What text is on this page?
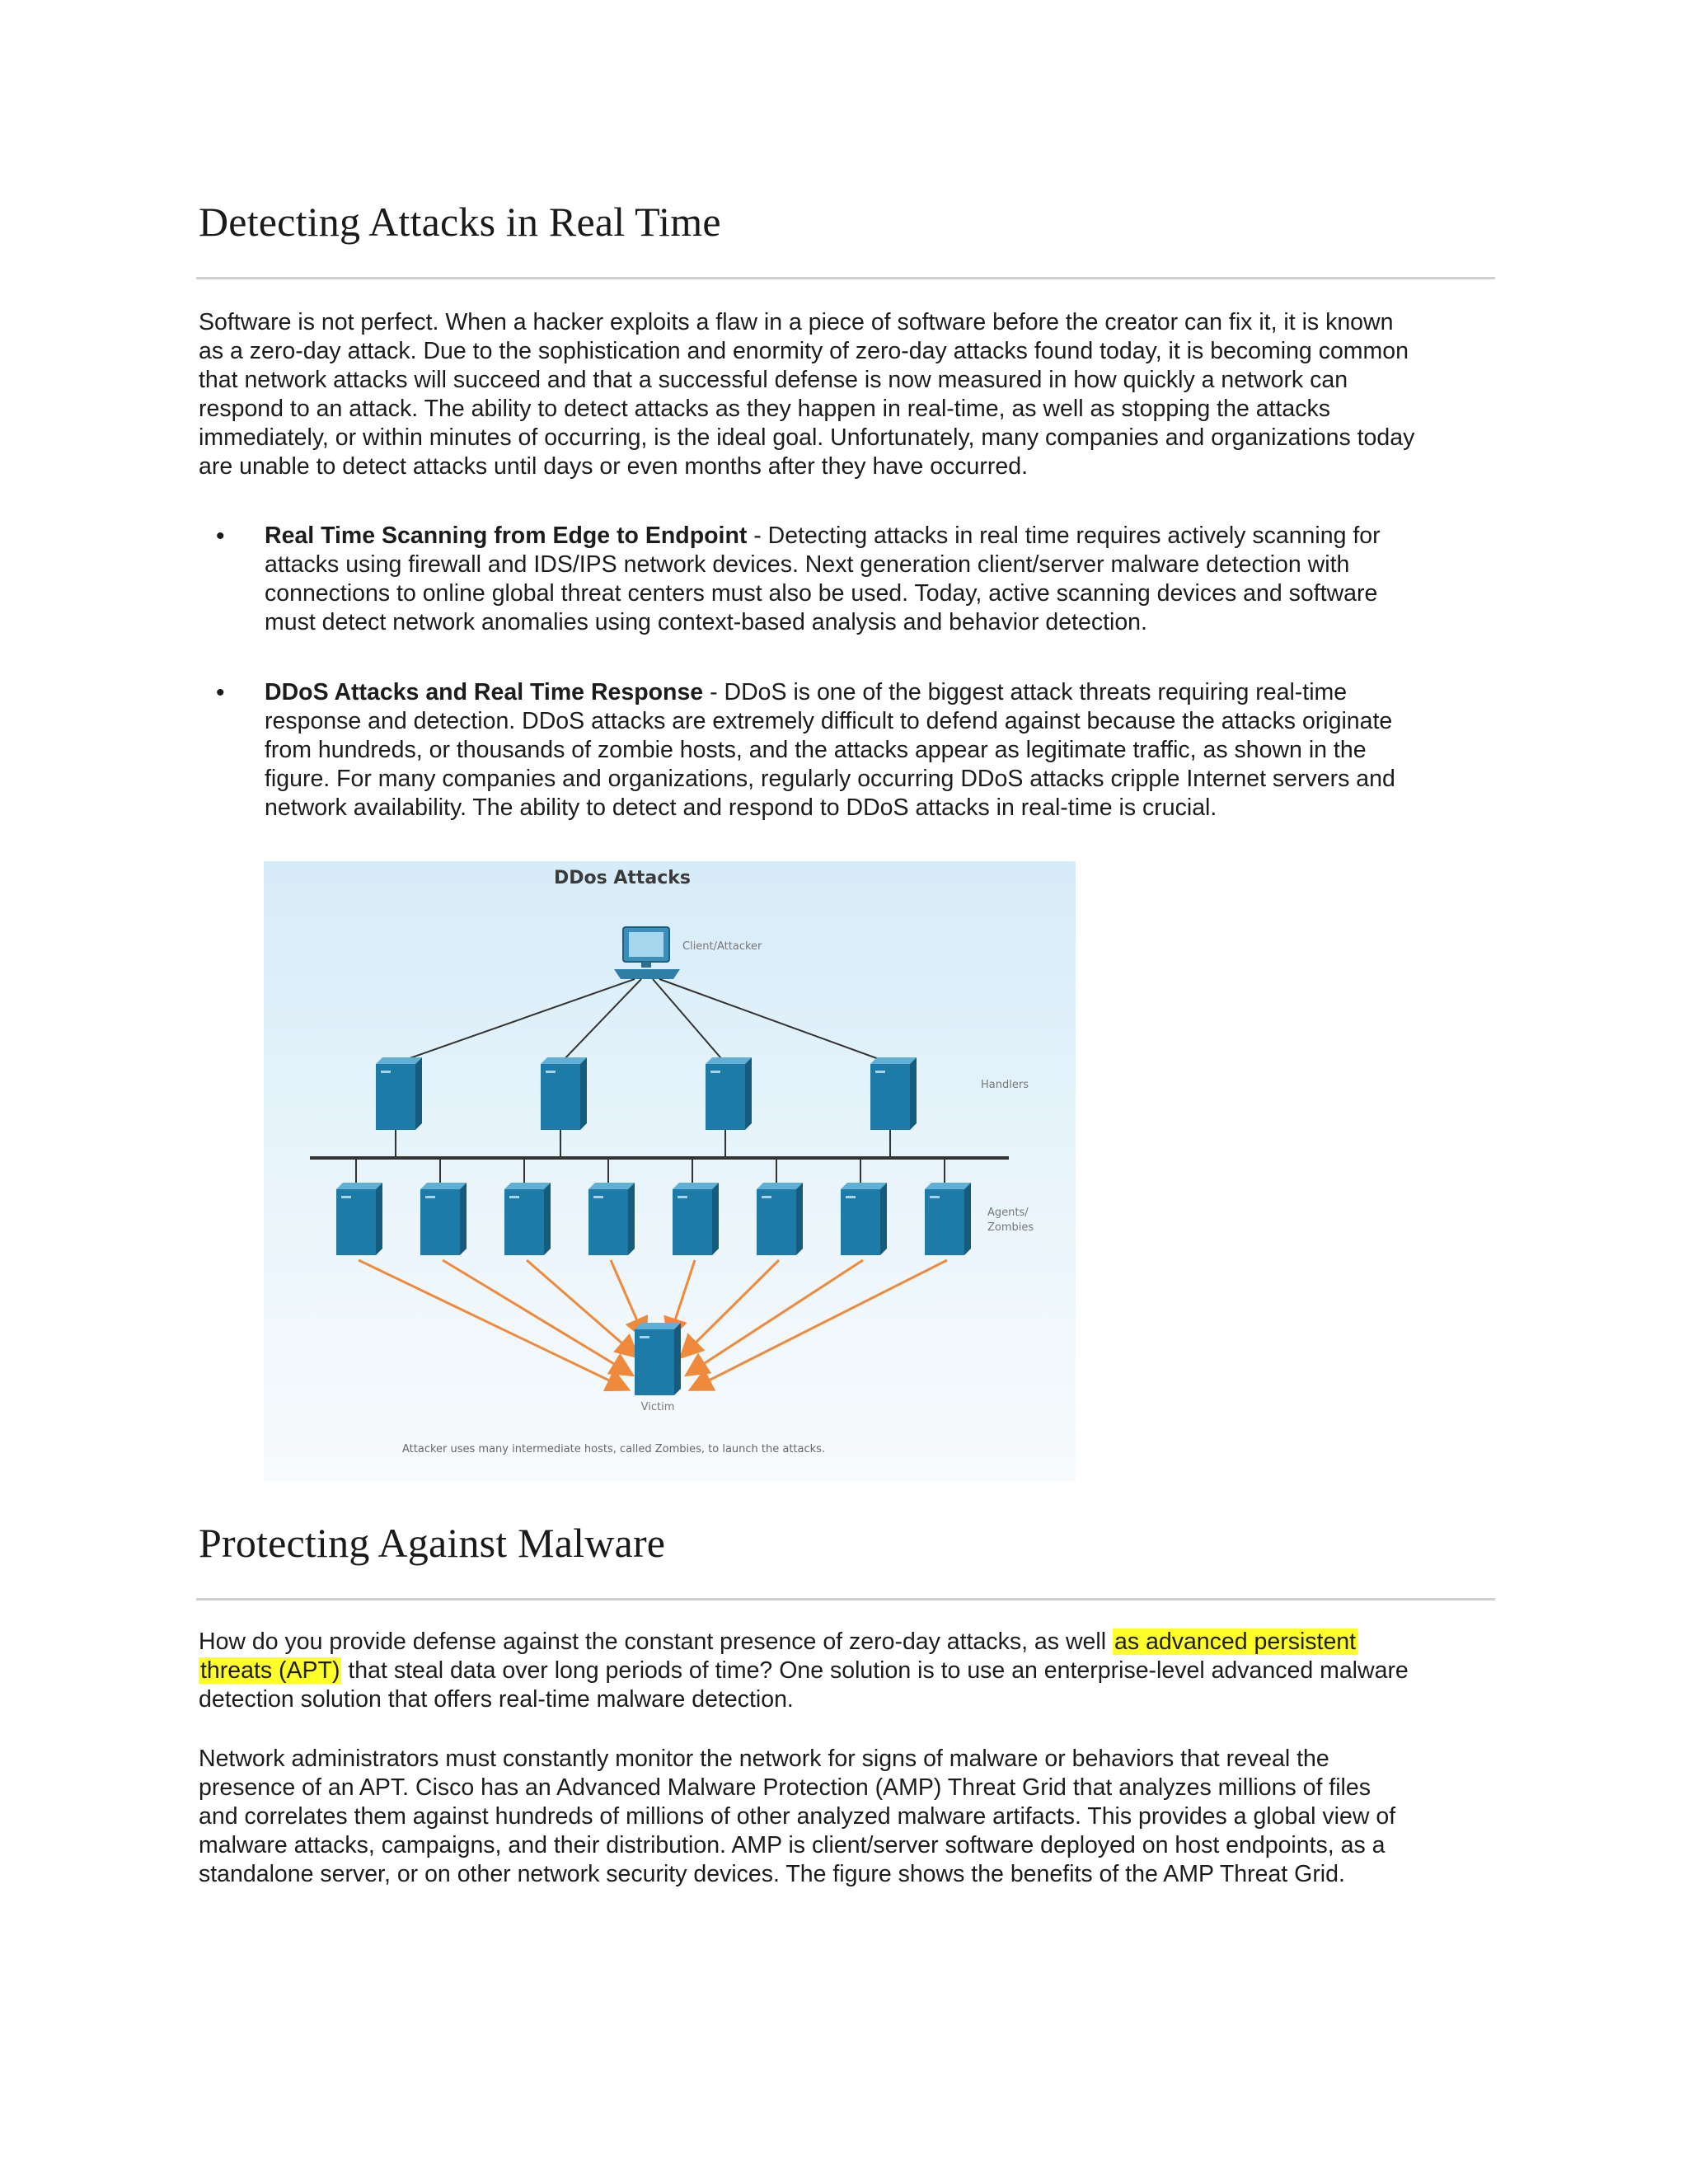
Detecting Attacks in Real Time

Software is not perfect. When a hacker exploits a flaw in a piece of software before the creator can fix it, it is known
as a zero-day attack. Due to the sophistication and enormity of zero-day attacks found today, it is becoming common
that network attacks will succeed and that a successful defense is now measured in how quickly a network can
respond to an attack. The ability to detect attacks as they happen in real-time, as well as stopping the attacks
immediately, or within minutes of occurring, is the ideal goal. Unfortunately, many companies and organizations today
are unable to detect attacks until days or even months after they have occurred.

• Real Time Scanning from Edge to Endpoint - Detecting attacks in real time requires actively scanning for
attacks using firewall and IDS/IPS network devices. Next generation client/server malware detection with
connections to online global threat centers must also be used. Today, active scanning devices and software
must detect network anomalies using context-based analysis and behavior detection.

• DDoS Attacks and Real Time Response - DDoS is one of the biggest attack threats requiring real-time
response and detection. DDoS attacks are extremely difficult to defend against because the attacks originate
from hundreds, or thousands of zombie hosts, and the attacks appear as legitimate traffic, as shown in the
figure. For many companies and organizations, regularly occurring DDoS attacks cripple Internet servers and
network availability. The ability to detect and respond to DDoS attacks in real-time is crucial.

DDos Attacks
Client/Attacker
Handlers
Agents/
Zombies
Victim
Attacker uses many intermediate hosts, called Zombies, to launch the attacks.
Protecting Against Malware

How do you provide defense against the constant presence of zero-day attacks, as well as advanced persistent
threats (APT) that steal data over long periods of time? One solution is to use an enterprise-level advanced malware
detection solution that offers real-time malware detection.

Network administrators must constantly monitor the network for signs of malware or behaviors that reveal the
presence of an APT. Cisco has an Advanced Malware Protection (AMP) Threat Grid that analyzes millions of files
and correlates them against hundreds of millions of other analyzed malware artifacts. This provides a global view of
malware attacks, campaigns, and their distribution. AMP is client/server software deployed on host endpoints, as a
standalone server, or on other network security devices. The figure shows the benefits of the AMP Threat Grid.
